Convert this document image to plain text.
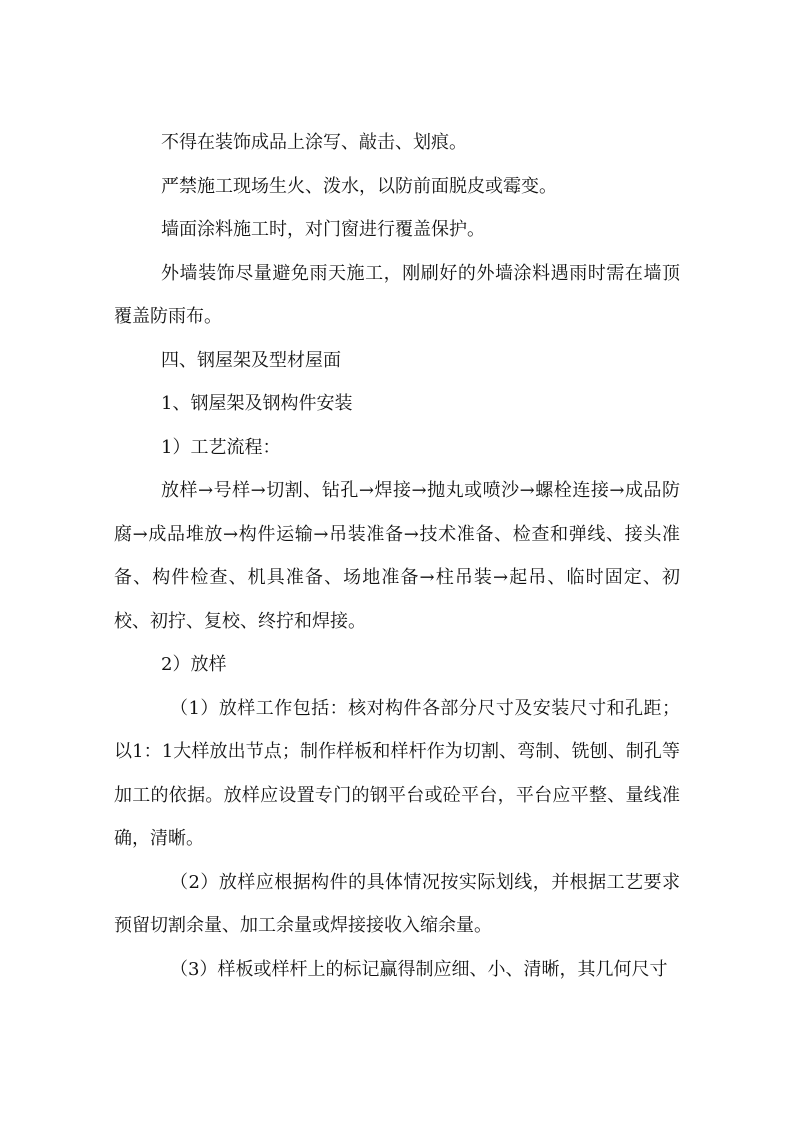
不得在装饰成品上涂写、敲击、划痕。

严禁施工现场生火、泼水，以防前面脱皮或霉变。

墙面涂料施工时，对门窗进行覆盖保护。

外墙装饰尽量避免雨天施工，刚刷好的外墙涂料遇雨时需在墙顶覆盖防雨布。

四、钢屋架及型材屋面

1、钢屋架及钢构件安装

1）工艺流程：

放样→号样→切割、钻孔→焊接→抛丸或喷沙→螺栓连接→成品防腐→成品堆放→构件运输→吊装准备→技术准备、检查和弹线、接头准备、构件检查、机具准备、场地准备→柱吊装→起吊、临时固定、初校、初拧、复校、终拧和焊接。

2）放样

（1）放样工作包括：核对构件各部分尺寸及安装尺寸和孔距；以1：1大样放出节点；制作样板和样杆作为切割、弯制、铣刨、制孔等加工的依据。放样应设置专门的钢平台或砼平台，平台应平整、量线准确，清晰。

（2）放样应根据构件的具体情况按实际划线，并根据工艺要求预留切割余量、加工余量或焊接接收入缩余量。

（3）样板或样杆上的标记赢得制应细、小、清晰，其几何尺寸
